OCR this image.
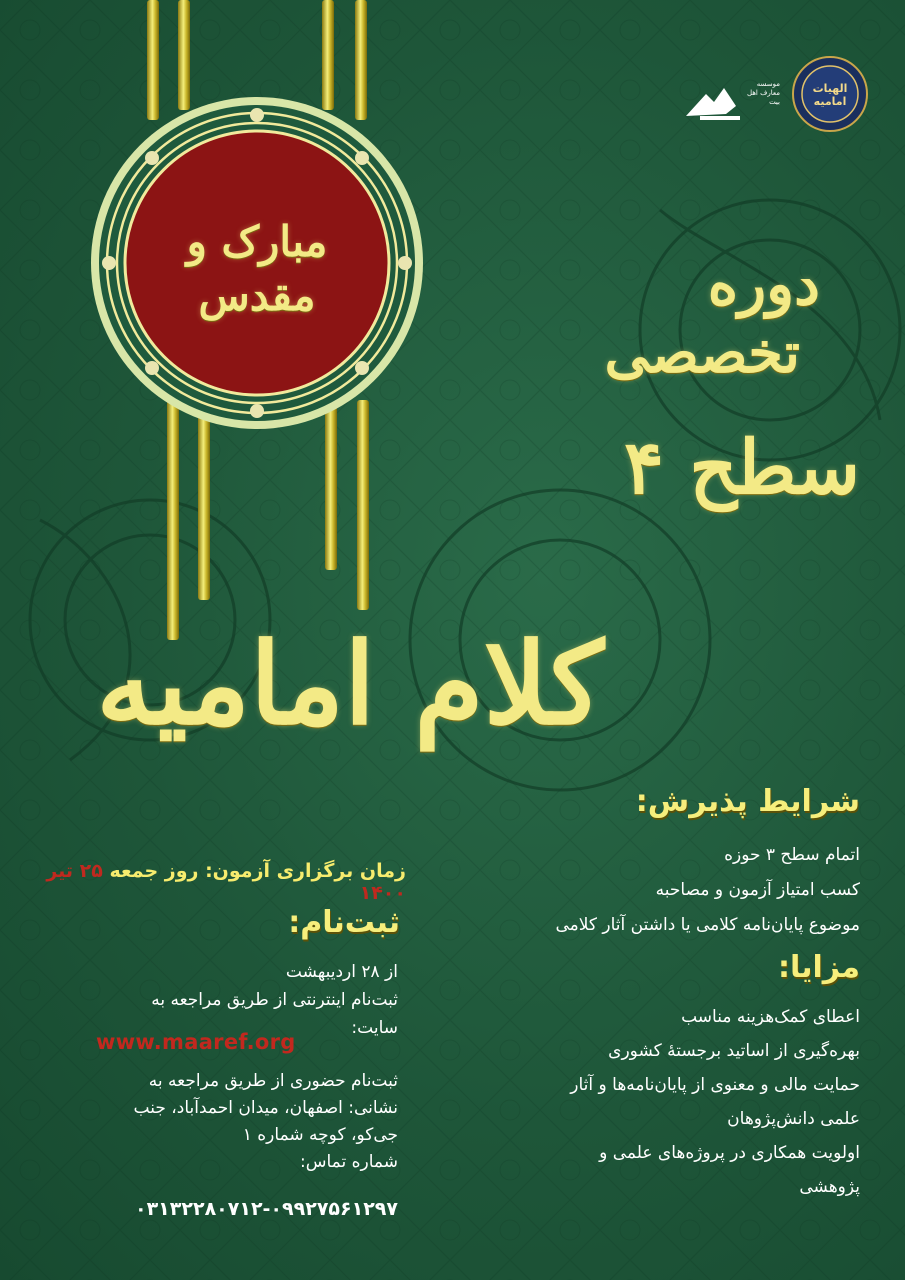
مبارک و مقدس
الهیات امامیه
موسسه معارف اهل بیت
دوره
تخصصی
سطح ۴
کلام امامیه
زمان برگزاری آزمون: روز جمعه ۲۵ تیر ۱۴۰۰
شرایط پذیرش:
اتمام سطح ۳ حوزه
کسب امتیاز آزمون و مصاحبه
موضوع پایان‌نامه کلامی یا داشتن آثار کلامی
مزایا:
اعطای کمک‌هزینه مناسب
بهره‌گیری از اساتید برجستهٔ کشوری
حمایت مالی و معنوی از پایان‌نامه‌ها و آثار
علمی دانش‌پژوهان
اولویت همکاری در پروژه‌های علمی و
پژوهشی
ثبت‌نام:
از ۲۸ اردیبهشت
ثبت‌نام اینترنتی از طریق مراجعه به
سایت:
www.maaref.org
ثبت‌نام حضوری از طریق مراجعه به
نشانی: اصفهان، میدان احمدآباد، جنب
جی‌کو، کوچه شماره ۱
شماره تماس:
۰۳۱۳۲۲۸۰۷۱۲-۰۹۹۲۷۵۶۱۲۹۷
